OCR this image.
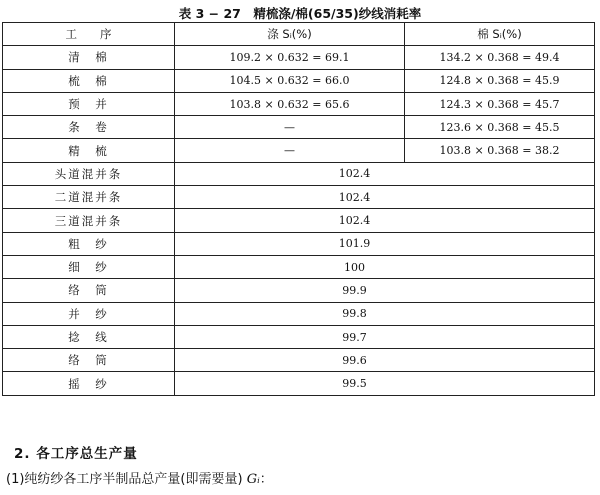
表 3 − 27　精梳涤/棉(65/35)纱线消耗率
工　　序	涤 Sᵢ(%)	棉 Sᵢ(%)
清　棉	109.2 × 0.632 = 69.1	134.2 × 0.368 = 49.4
梳　棉	104.5 × 0.632 = 66.0	124.8 × 0.368 = 45.9
预　并	103.8 × 0.632 = 65.6	124.3 × 0.368 = 45.7
条　卷	—	123.6 × 0.368 = 45.5
精　梳	—	103.8 × 0.368 = 38.2
头道混并条	102.4	
二道混并条	102.4	
三道混并条	102.4	
粗　纱	101.9	
细　纱	100	
络　筒	99.9	
并　纱	99.8	
捻　线	99.7	
络　筒	99.6	
摇　纱	99.5	
2. 各工序总生产量
(1)纯纺纱各工序半制品总产量(即需要量) Gᵢ：
